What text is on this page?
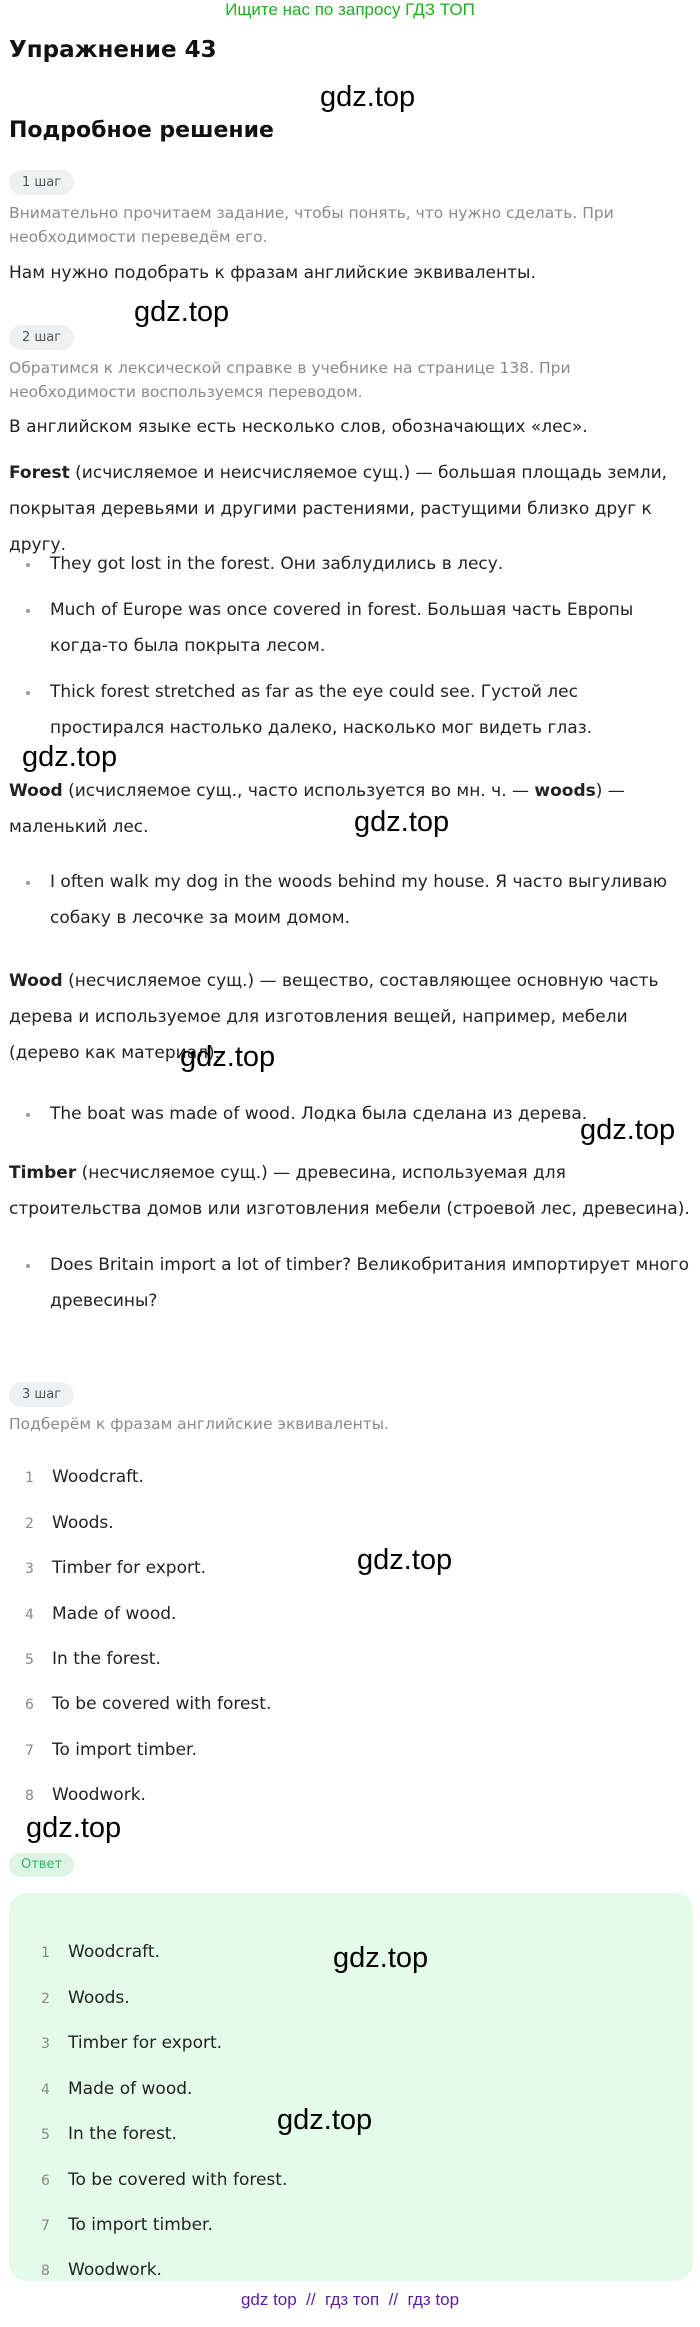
Ищите нас по запросу ГДЗ ТОП
Упражнение 43
gdz.top
Подробное решение
1 шаг
Внимательно прочитаем задание, чтобы понять, что нужно сделать. При необходимости переведём его.
Нам нужно подобрать к фразам английские эквиваленты.
gdz.top
2 шаг
Обратимся к лексической справке в учебнике на странице 138. При необходимости воспользуемся переводом.
В английском языке есть несколько слов, обозначающих «лес».
Forest (исчисляемое и неисчисляемое сущ.) — большая площадь земли, покрытая деревьями и другими растениями, растущими близко друг к другу.
They got lost in the forest. Они заблудились в лесу.
Much of Europe was once covered in forest. Большая часть Европы когда-то была покрыта лесом.
Thick forest stretched as far as the eye could see. Густой лес простирался настолько далеко, насколько мог видеть глаз.
gdz.top
Wood (исчисляемое сущ., часто используется во мн. ч. — woods) — маленький лес.	gdz.top
I often walk my dog in the woods behind my house. Я часто выгуливаю собаку в лесочке за моим домом.
Wood (несчисляемое сущ.) — вещество, составляющее основную часть дерева и используемое для изготовления вещей, например, мебели (дерево как материал).
gdz.top
The boat was made of wood. Лодка была сделана из дерева.
gdz.top
Timber (несчисляемое сущ.) — древесина, используемая для строительства домов или изготовления мебели (строевой лес, древесина).
Does Britain import a lot of timber? Великобритания импортирует много древесины?
3 шаг
Подберём к фразам английские эквиваленты.
1 Woodcraft.
2 Woods.
3 Timber for export.	gdz.top
4 Made of wood.
5 In the forest.
6 To be covered with forest.
7 To import timber.
8 Woodwork.
gdz.top
Ответ
1 Woodcraft.	gdz.top
2 Woods.
3 Timber for export.
4 Made of wood.
5 In the forest.	gdz.top
6 To be covered with forest.
7 To import timber.
8 Woodwork.
gdz top  //  гдз топ  //  гдз top
